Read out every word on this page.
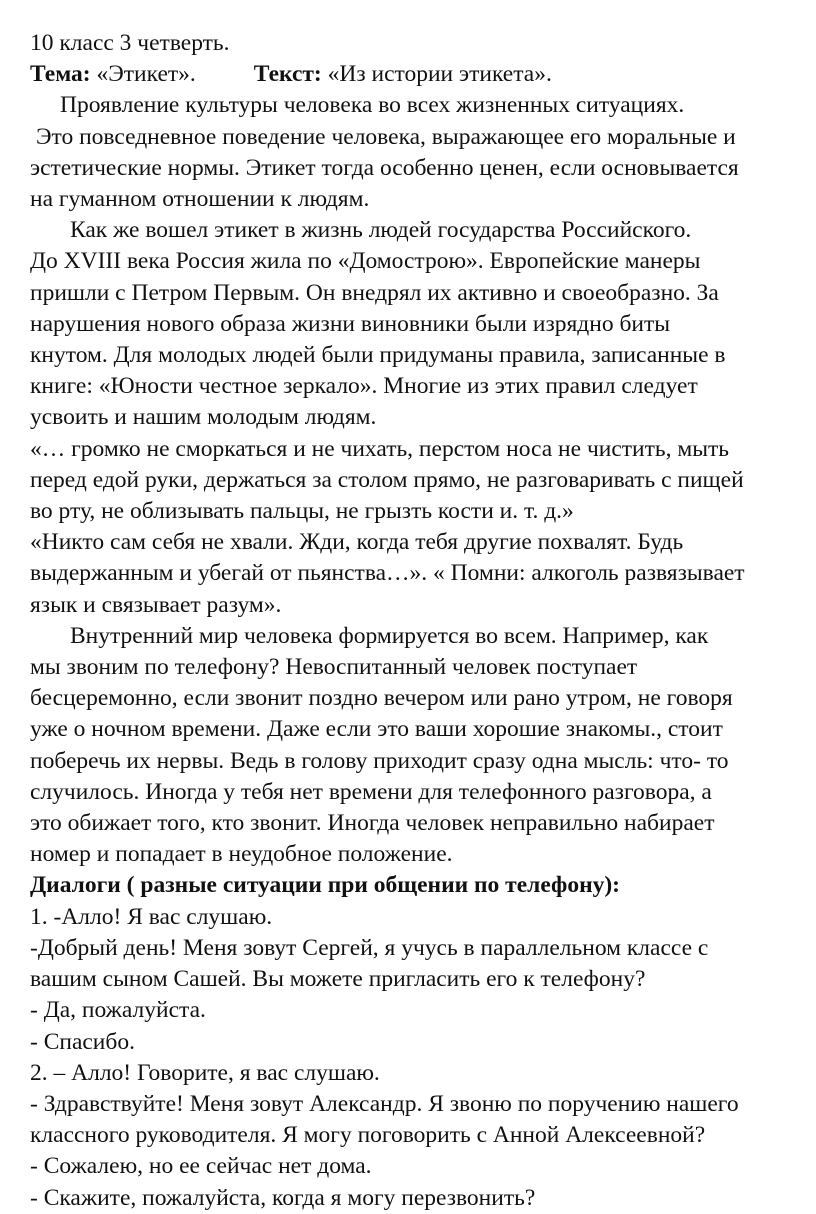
10 класс 3 четверть.
Тема: «Этикет». Текст: «Из истории этикета».
Проявление культуры человека во всех жизненных ситуациях.
Это повседневное поведение человека, выражающее его моральные и
эстетические нормы. Этикет тогда особенно ценен, если основывается
на гуманном отношении к людям.
Как же вошел этикет в жизнь людей государства Российского.
До XVIII века Россия жила по «Домострою». Европейские манеры
пришли с Петром Первым. Он внедрял их активно и своеобразно. За
нарушения нового образа жизни виновники были изрядно биты
кнутом. Для молодых людей были придуманы правила, записанные в
книге: «Юности честное зеркало». Многие из этих правил следует
усвоить и нашим молодым людям.
«… громко не сморкаться и не чихать, перстом носа не чистить, мыть
перед едой руки, держаться за столом прямо, не разговаривать с пищей
во рту, не облизывать пальцы, не грызть кости и. т. д.»
«Никто сам себя не хвали. Жди, когда тебя другие похвалят. Будь
выдержанным и убегай от пьянства…». « Помни: алкоголь развязывает
язык и связывает разум».
Внутренний мир человека формируется во всем. Например, как
мы звоним по телефону? Невоспитанный человек поступает
бесцеремонно, если звонит поздно вечером или рано утром, не говоря
уже о ночном времени. Даже если это ваши хорошие знакомы., стоит
поберечь их нервы. Ведь в голову приходит сразу одна мысль: что- то
случилось. Иногда у тебя нет времени для телефонного разговора, а
это обижает того, кто звонит. Иногда человек неправильно набирает
номер и попадает в неудобное положение.
Диалоги ( разные ситуации при общении по телефону):
1. -Алло! Я вас слушаю.
-Добрый день! Меня зовут Сергей, я учусь в параллельном классе с
вашим сыном Сашей. Вы можете пригласить его к телефону?
- Да, пожалуйста.
- Спасибо.
2. – Алло! Говорите, я вас слушаю.
- Здравствуйте! Меня зовут Александр. Я звоню по поручению нашего
классного руководителя. Я могу поговорить с Анной Алексеевной?
- Сожалею, но ее сейчас нет дома.
- Скажите, пожалуйста, когда я могу перезвонить?
